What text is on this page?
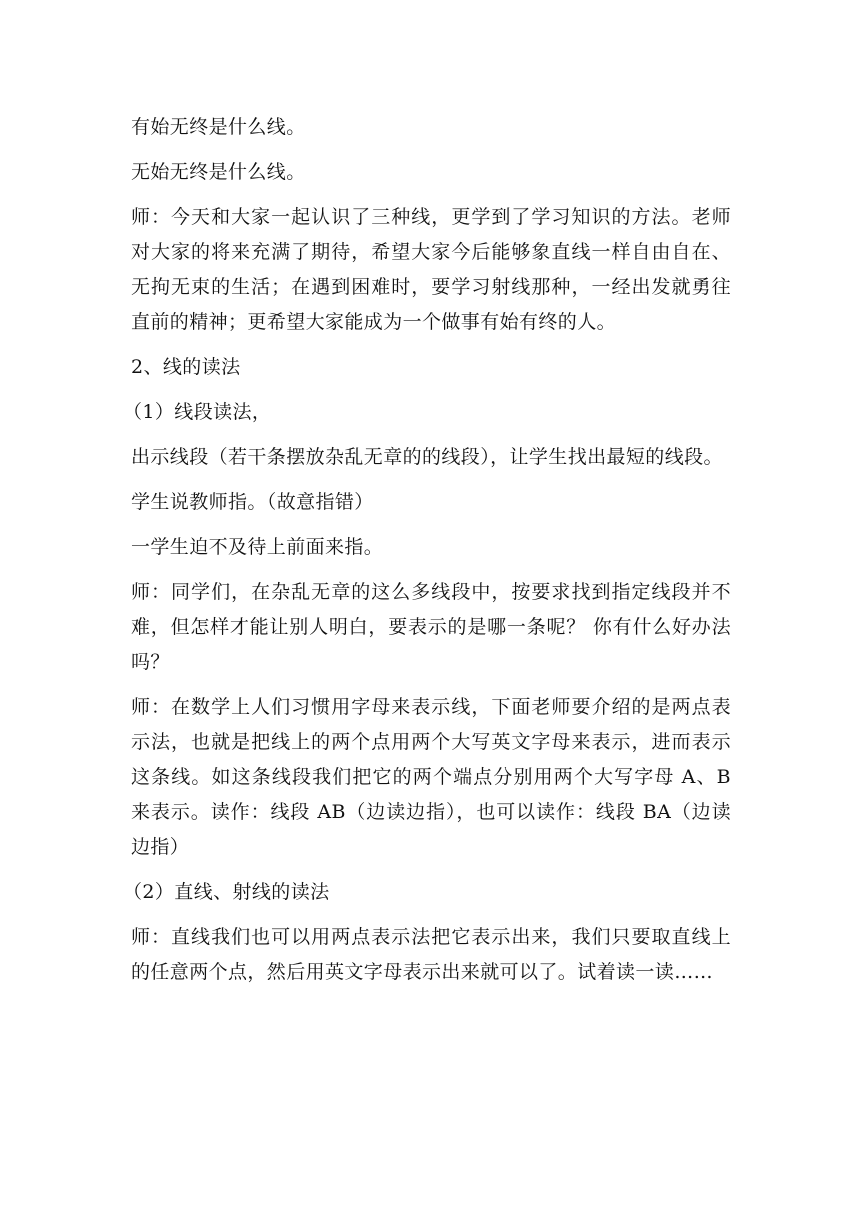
有始无终是什么线。

无始无终是什么线。

师：今天和大家一起认识了三种线，更学到了学习知识的方法。老师对大家的将来充满了期待，希望大家今后能够象直线一样自由自在、无拘无束的生活；在遇到困难时，要学习射线那种，一经出发就勇往直前的精神；更希望大家能成为一个做事有始有终的人。

2、线的读法

（1）线段读法，

出示线段（若干条摆放杂乱无章的的线段），让学生找出最短的线段。

学生说教师指。（故意指错）

一学生迫不及待上前面来指。

师：同学们，在杂乱无章的这么多线段中，按要求找到指定线段并不难，但怎样才能让别人明白，要表示的是哪一条呢？ 你有什么好办法吗？

师：在数学上人们习惯用字母来表示线，下面老师要介绍的是两点表示法，也就是把线上的两个点用两个大写英文字母来表示，进而表示这条线。如这条线段我们把它的两个端点分别用两个大写字母 A、B 来表示。读作：线段 AB（边读边指），也可以读作：线段 BA（边读边指）

（2）直线、射线的读法

师：直线我们也可以用两点表示法把它表示出来，我们只要取直线上的任意两个点，然后用英文字母表示出来就可以了。试着读一读……
